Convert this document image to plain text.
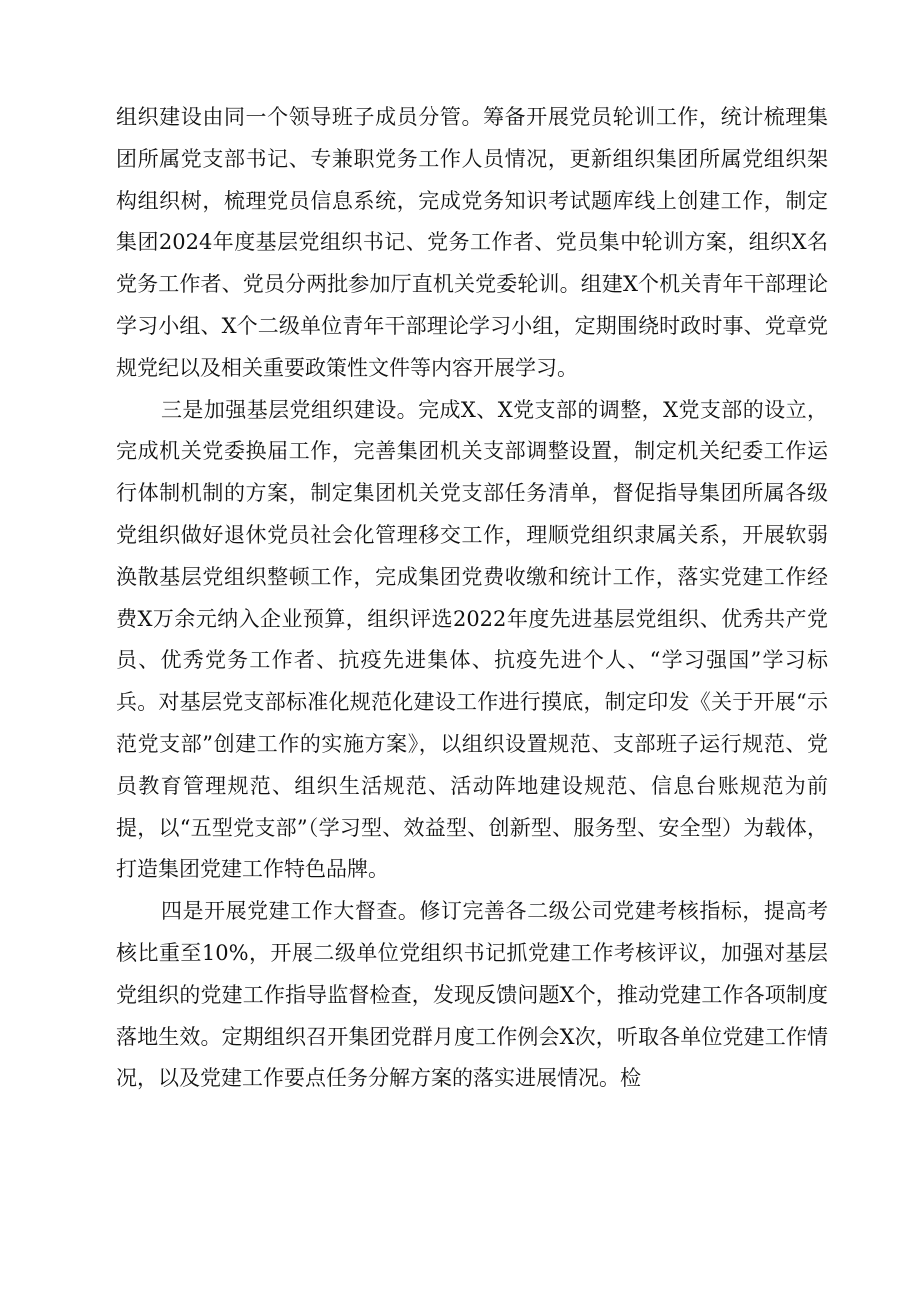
组织建设由同一个领导班子成员分管。筹备开展党员轮训工作，统计梳理集团所属党支部书记、专兼职党务工作人员情况，更新组织集团所属党组织架构组织树，梳理党员信息系统，完成党务知识考试题库线上创建工作，制定集团2024年度基层党组织书记、党务工作者、党员集中轮训方案，组织X名党务工作者、党员分两批参加厅直机关党委轮训。组建X个机关青年干部理论学习小组、X个二级单位青年干部理论学习小组，定期围绕时政时事、党章党规党纪以及相关重要政策性文件等内容开展学习。

三是加强基层党组织建设。完成X、X党支部的调整，X党支部的设立，完成机关党委换届工作，完善集团机关支部调整设置，制定机关纪委工作运行体制机制的方案，制定集团机关党支部任务清单，督促指导集团所属各级党组织做好退休党员社会化管理移交工作，理顺党组织隶属关系，开展软弱涣散基层党组织整顿工作，完成集团党费收缴和统计工作，落实党建工作经费X万余元纳入企业预算，组织评选2022年度先进基层党组织、优秀共产党员、优秀党务工作者、抗疫先进集体、抗疫先进个人、“学习强国”学习标兵。对基层党支部标准化规范化建设工作进行摸底，制定印发《关于开展“示范党支部”创建工作的实施方案》，以组织设置规范、支部班子运行规范、党员教育管理规范、组织生活规范、活动阵地建设规范、信息台账规范为前提，以“五型党支部”（学习型、效益型、创新型、服务型、安全型）为载体，打造集团党建工作特色品牌。

四是开展党建工作大督查。修订完善各二级公司党建考核指标，提高考核比重至10%，开展二级单位党组织书记抓党建工作考核评议，加强对基层党组织的党建工作指导监督检查，发现反馈问题X个，推动党建工作各项制度落地生效。定期组织召开集团党群月度工作例会X次，听取各单位党建工作情况，以及党建工作要点任务分解方案的落实进展情况。检
